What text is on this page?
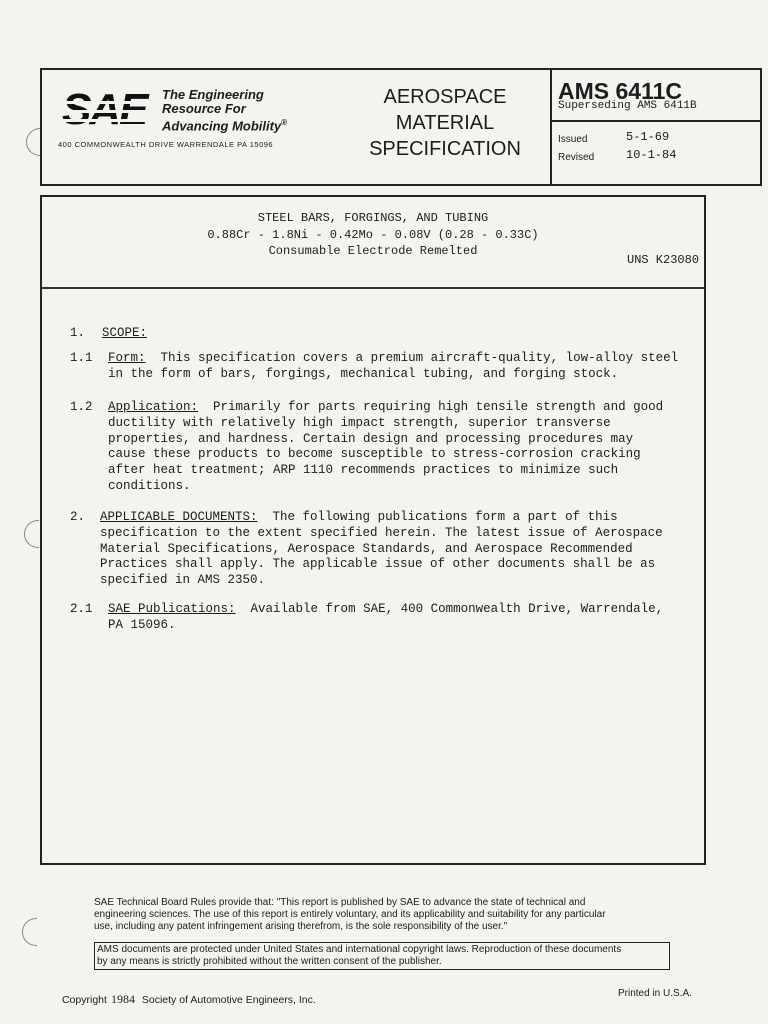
The Engineering
Resource For
Advancing Mobility®
400 COMMONWEALTH DRIVE WARRENDALE PA 15096
AEROSPACE
MATERIAL
SPECIFICATION
AMS 6411C
Superseding AMS 6411B
Issued	5-1-69
Revised	10-1-84
STEEL BARS, FORGINGS, AND TUBING
0.88Cr - 1.8Ni - 0.42Mo - 0.08V (0.28 - 0.33C)
Consumable Electrode Remelted
UNS K23080
1. SCOPE:
1.1 Form: This specification covers a premium aircraft-quality, low-alloy steel
in the form of bars, forgings, mechanical tubing, and forging stock.
1.2 Application: Primarily for parts requiring high tensile strength and good
ductility with relatively high impact strength, superior transverse
properties, and hardness. Certain design and processing procedures may
cause these products to become susceptible to stress-corrosion cracking
after heat treatment; ARP 1110 recommends practices to minimize such
conditions.
2. APPLICABLE DOCUMENTS: The following publications form a part of this
specification to the extent specified herein. The latest issue of Aerospace
Material Specifications, Aerospace Standards, and Aerospace Recommended
Practices shall apply. The applicable issue of other documents shall be as
specified in AMS 2350.
2.1 SAE Publications: Available from SAE, 400 Commonwealth Drive, Warrendale,
PA 15096.
SAE Technical Board Rules provide that: "This report is published by SAE to advance the state of technical and
engineering sciences. The use of this report is entirely voluntary, and its applicability and suitability for any particular
use, including any patent infringement arising therefrom, is the sole responsibility of the user."
AMS documents are protected under United States and international copyright laws. Reproduction of these documents
by any means is strictly prohibited without the written consent of the publisher.
Copyright 1984 Society of Automotive Engineers, Inc.
Printed in U.S.A.
